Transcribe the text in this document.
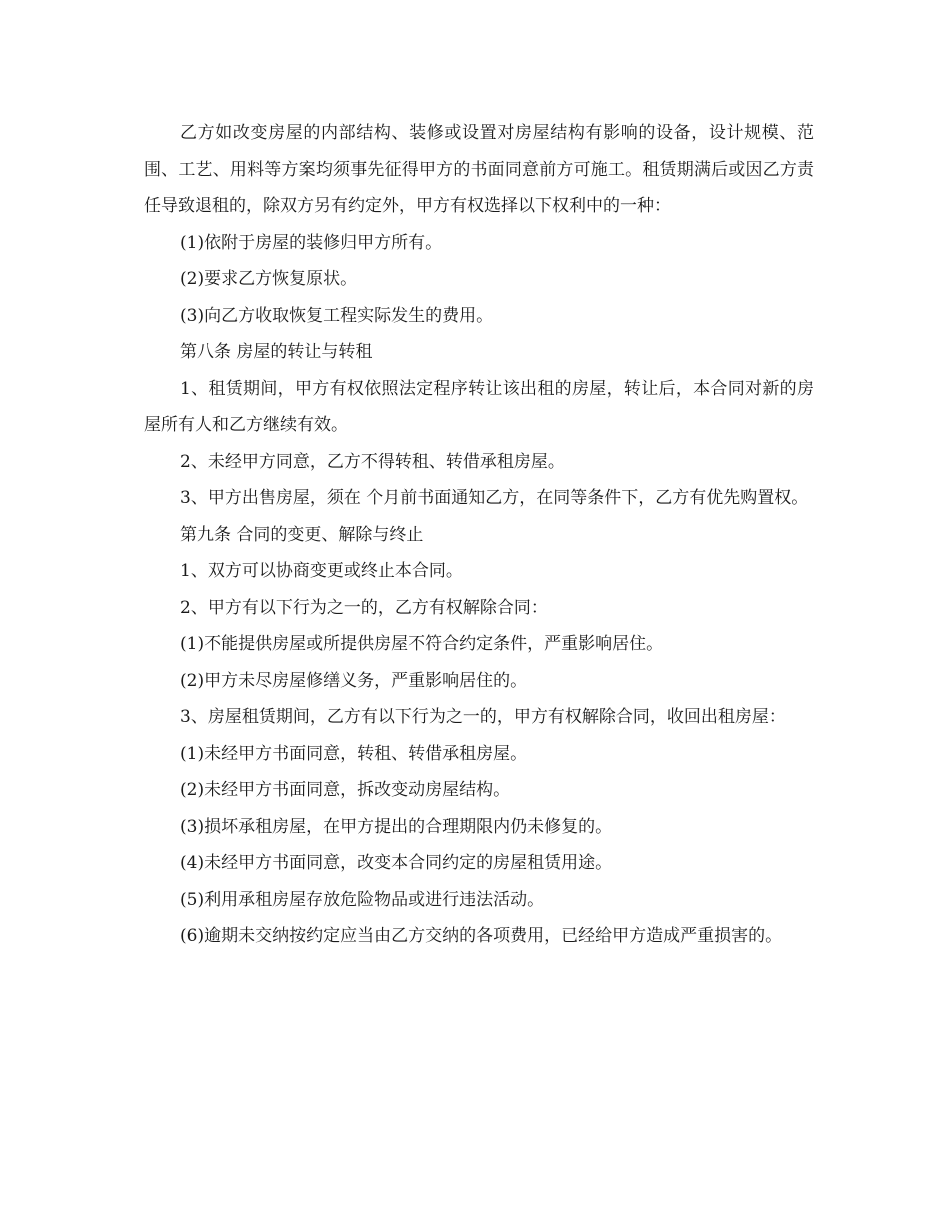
乙方如改变房屋的内部结构、装修或设置对房屋结构有影响的设备，设计规模、范围、工艺、用料等方案均须事先征得甲方的书面同意前方可施工。租赁期满后或因乙方责任导致退租的，除双方另有约定外，甲方有权选择以下权利中的一种：

(1)依附于房屋的装修归甲方所有。

(2)要求乙方恢复原状。

(3)向乙方收取恢复工程实际发生的费用。

第八条 房屋的转让与转租

1、租赁期间，甲方有权依照法定程序转让该出租的房屋，转让后，本合同对新的房屋所有人和乙方继续有效。

2、未经甲方同意，乙方不得转租、转借承租房屋。

3、甲方出售房屋，须在 个月前书面通知乙方，在同等条件下，乙方有优先购置权。

第九条 合同的变更、解除与终止

1、双方可以协商变更或终止本合同。

2、甲方有以下行为之一的，乙方有权解除合同：

(1)不能提供房屋或所提供房屋不符合约定条件，严重影响居住。

(2)甲方未尽房屋修缮义务，严重影响居住的。

3、房屋租赁期间，乙方有以下行为之一的，甲方有权解除合同，收回出租房屋：

(1)未经甲方书面同意，转租、转借承租房屋。

(2)未经甲方书面同意，拆改变动房屋结构。

(3)损坏承租房屋，在甲方提出的合理期限内仍未修复的。

(4)未经甲方书面同意，改变本合同约定的房屋租赁用途。

(5)利用承租房屋存放危险物品或进行违法活动。

(6)逾期未交纳按约定应当由乙方交纳的各项费用，已经给甲方造成严重损害的。
